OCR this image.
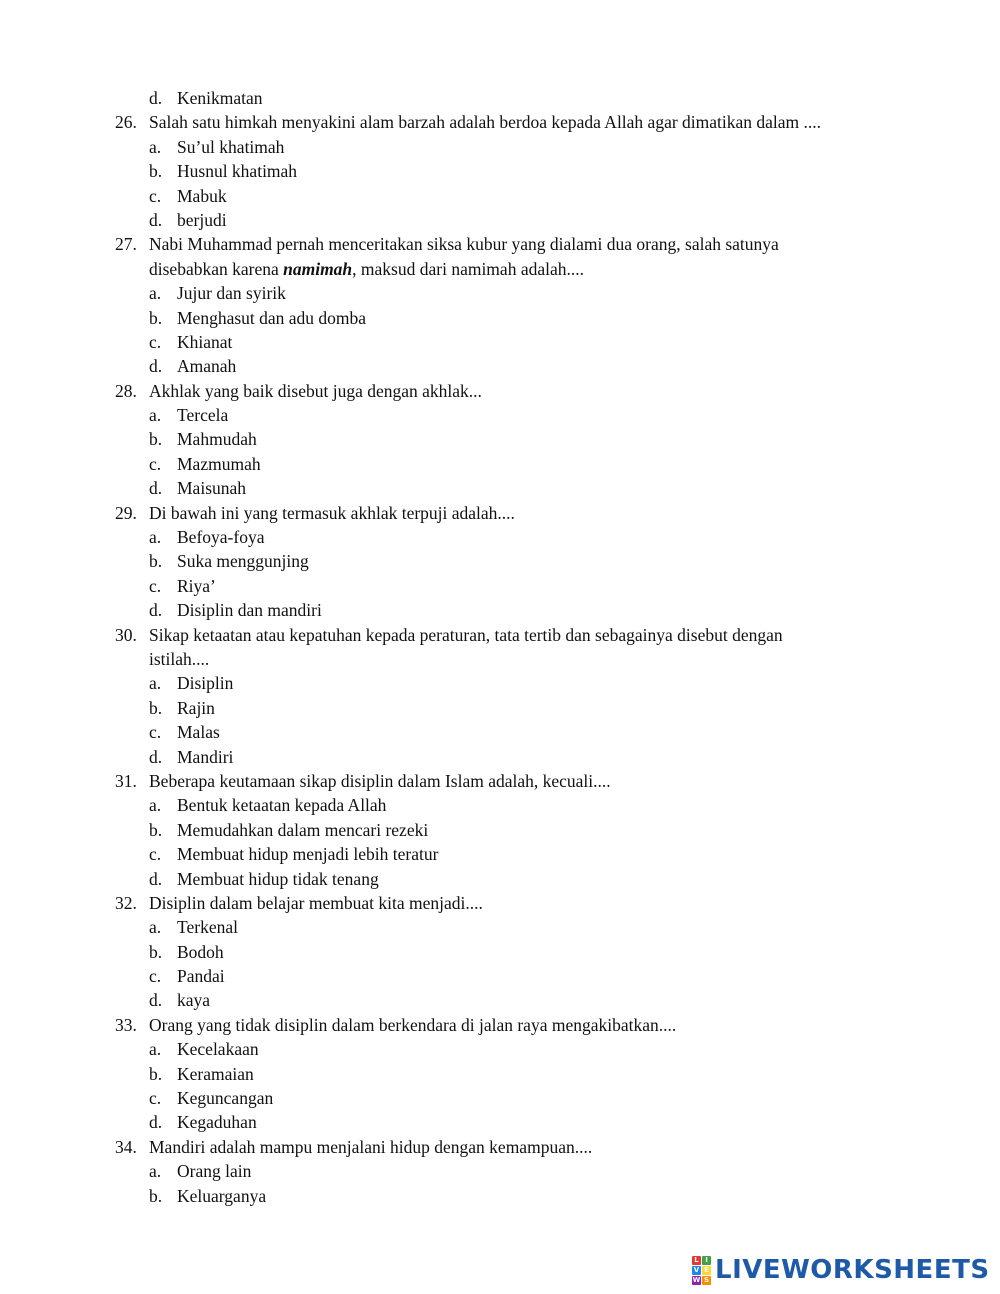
d. Kenikmatan
26. Salah satu himkah menyakini alam barzah adalah berdoa kepada Allah agar dimatikan dalam ....
a. Su’ul khatimah
b. Husnul khatimah
c. Mabuk
d. berjudi
27. Nabi Muhammad pernah menceritakan siksa kubur yang dialami dua orang, salah satunya
disebabkan karena namimah, maksud dari namimah adalah....
a. Jujur dan syirik
b. Menghasut dan adu domba
c. Khianat
d. Amanah
28. Akhlak yang baik disebut juga dengan akhlak...
a. Tercela
b. Mahmudah
c. Mazmumah
d. Maisunah
29. Di bawah ini yang termasuk akhlak terpuji adalah....
a. Befoya-foya
b. Suka menggunjing
c. Riya’
d. Disiplin dan mandiri
30. Sikap ketaatan atau kepatuhan kepada peraturan, tata tertib dan sebagainya disebut dengan
istilah....
a. Disiplin
b. Rajin
c. Malas
d. Mandiri
31. Beberapa keutamaan sikap disiplin dalam Islam adalah, kecuali....
a. Bentuk ketaatan kepada Allah
b. Memudahkan dalam mencari rezeki
c. Membuat hidup menjadi lebih teratur
d. Membuat hidup tidak tenang
32. Disiplin dalam belajar membuat kita menjadi....
a. Terkenal
b. Bodoh
c. Pandai
d. kaya
33. Orang yang tidak disiplin dalam berkendara di jalan raya mengakibatkan....
a. Kecelakaan
b. Keramaian
c. Keguncangan
d. Kegaduhan
34. Mandiri adalah mampu menjalani hidup dengan kemampuan....
a. Orang lain
b. Keluarganya
L I
V E
W S LIVEWORKSHEETS
